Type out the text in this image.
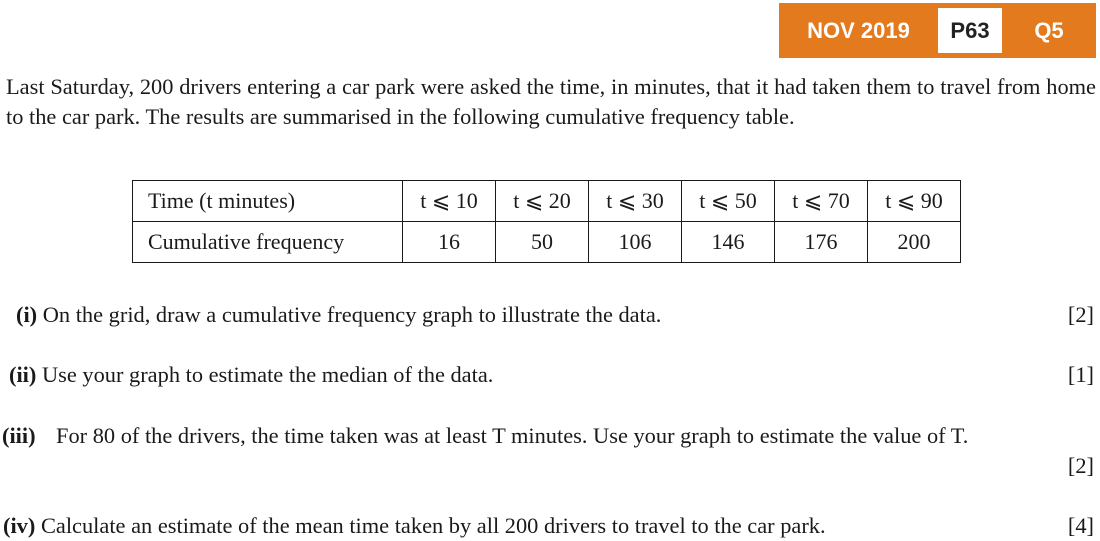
NOV 2019	P63	Q5
Last Saturday, 200 drivers entering a car park were asked the time, in minutes, that it had taken them to travel from home to the car park. The results are summarised in the following cumulative frequency table.
Time (t minutes)	t ⩽ 10	t ⩽ 20	t ⩽ 30	t ⩽ 50	t ⩽ 70	t ⩽ 90
Cumulative frequency	16	50	106	146	176	200
(i) On the grid, draw a cumulative frequency graph to illustrate the data.	[2]
(ii) Use your graph to estimate the median of the data.	[1]
(iii) For 80 of the drivers, the time taken was at least T minutes. Use your graph to estimate the value of T.
[2]
(iv) Calculate an estimate of the mean time taken by all 200 drivers to travel to the car park.	[4]
